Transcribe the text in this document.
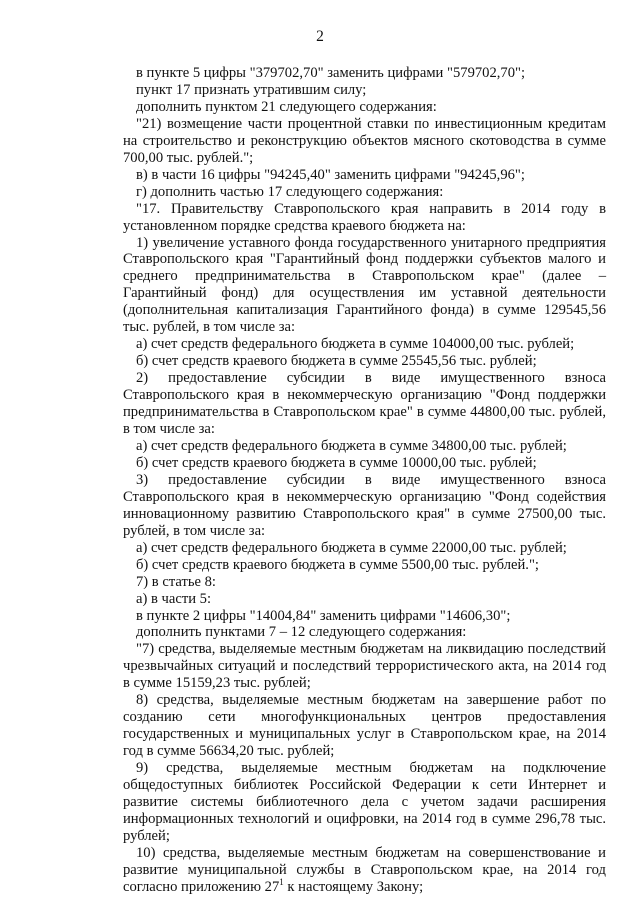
2

в пункте 5 цифры "379702,70" заменить цифрами "579702,70";

пункт 17 признать утратившим силу;

дополнить пунктом 21 следующего содержания:

"21) возмещение части процентной ставки по инвестиционным кредитам на строительство и реконструкцию объектов мясного скотоводства в сумме 700,00 тыс. рублей.";

в) в части 16 цифры "94245,40" заменить цифрами "94245,96";

г) дополнить частью 17 следующего содержания:

"17. Правительству Ставропольского края направить в 2014 году в установленном порядке средства краевого бюджета на:

1) увеличение уставного фонда государственного унитарного предприятия Ставропольского края "Гарантийный фонд поддержки субъектов малого и среднего предпринимательства в Ставропольском крае" (далее – Гарантийный фонд) для осуществления им уставной деятельности (дополнительная капитализация Гарантийного фонда) в сумме 129545,56 тыс. рублей, в том числе за:

а) счет средств федерального бюджета в сумме 104000,00 тыс. рублей;

б) счет средств краевого бюджета в сумме 25545,56 тыс. рублей;

2) предоставление субсидии в виде имущественного взноса Ставропольского края в некоммерческую организацию "Фонд поддержки предпринимательства в Ставропольском крае" в сумме 44800,00 тыс. рублей, в том числе за:

а) счет средств федерального бюджета в сумме 34800,00 тыс. рублей;

б) счет средств краевого бюджета в сумме 10000,00 тыс. рублей;

3) предоставление субсидии в виде имущественного взноса Ставропольского края в некоммерческую организацию "Фонд содействия инновационному развитию Ставропольского края" в сумме 27500,00 тыс. рублей, в том числе за:

а) счет средств федерального бюджета в сумме 22000,00 тыс. рублей;

б) счет средств краевого бюджета в сумме 5500,00 тыс. рублей.";

7) в статье 8:

а) в части 5:

в пункте 2 цифры "14004,84" заменить цифрами "14606,30";

дополнить пунктами 7 – 12 следующего содержания:

"7) средства, выделяемые местным бюджетам на ликвидацию последствий чрезвычайных ситуаций и последствий террористического акта, на 2014 год в сумме 15159,23 тыс. рублей;

8) средства, выделяемые местным бюджетам на завершение работ по созданию сети многофункциональных центров предоставления государственных и муниципальных услуг в Ставропольском крае, на 2014 год в сумме 56634,20 тыс. рублей;

9) средства, выделяемые местным бюджетам на подключение общедоступных библиотек Российской Федерации к сети Интернет и развитие системы библиотечного дела с учетом задачи расширения информационных технологий и оцифровки, на 2014 год в сумме 296,78 тыс. рублей;

10) средства, выделяемые местным бюджетам на совершенствование и развитие муниципальной службы в Ставропольском крае, на 2014 год согласно приложению $27^1$ к настоящему Закону;
